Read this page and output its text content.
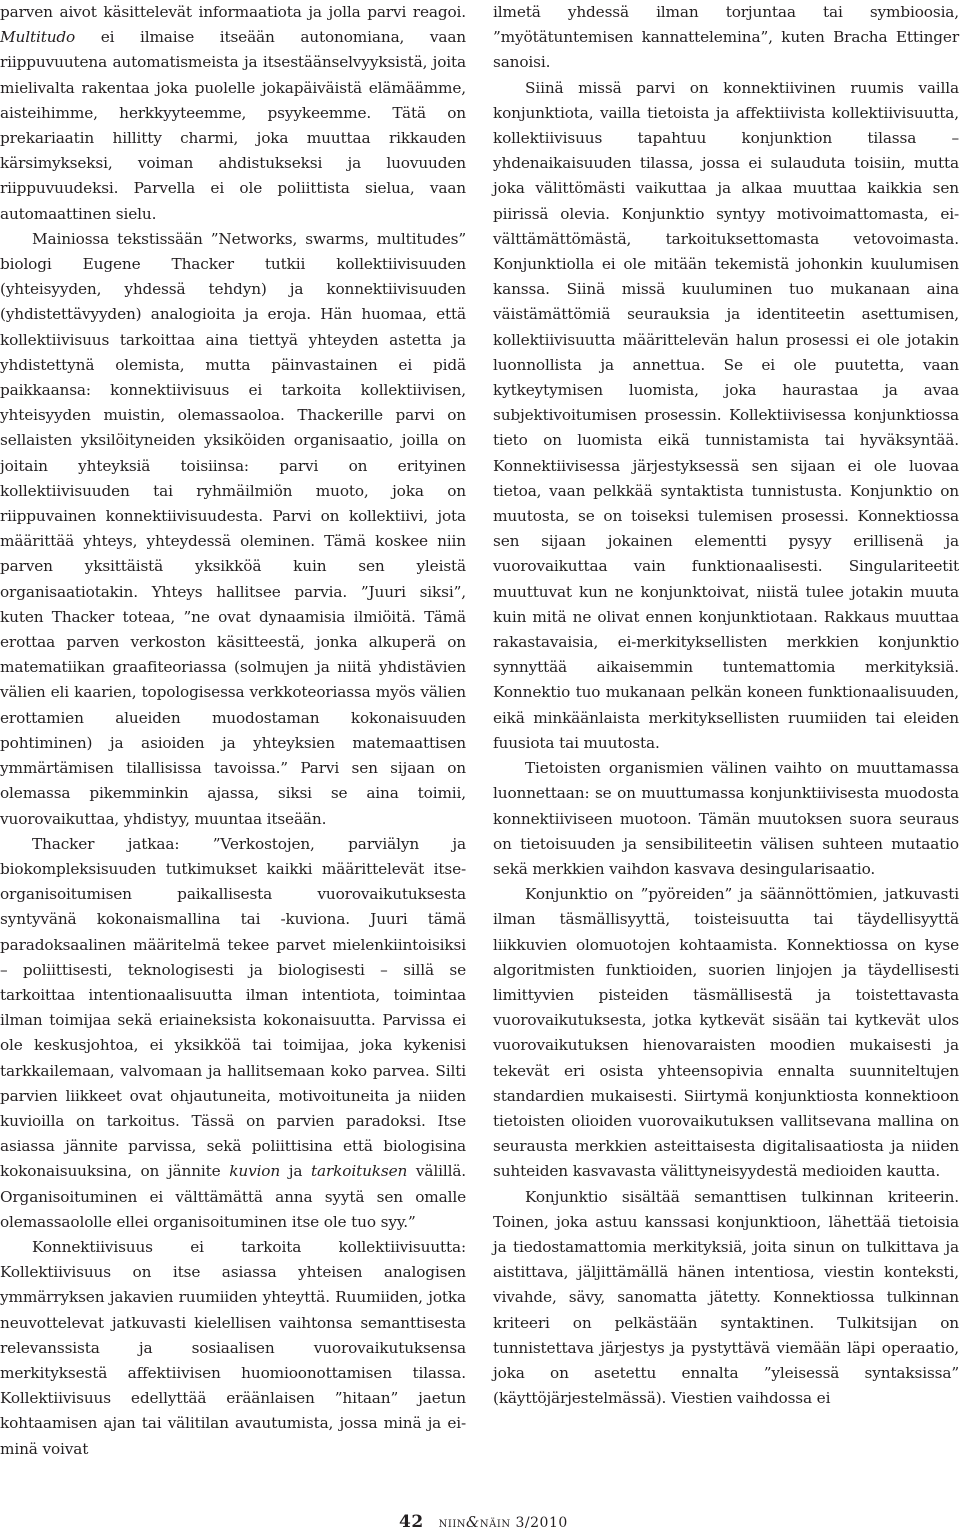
parven aivot käsittelevät informaatiota ja jolla parvi reagoi. Multitudo ei ilmaise itseään autonomiana, vaan riippuvuutena automatismeista ja itsestäänselvyyksistä, joita mielivalta rakentaa joka puolelle jokapäiväistä elämäämme, aisteihimme, herkkyyteemme, psyykeemme. Tätä on prekariaatin hillitty charmi, joka muuttaa rikkauden kärsimykseksi, voiman ahdistukseksi ja luovuuden riippuvuudeksi. Parvella ei ole poliittista sielua, vaan automaattinen sielu.

Mainiossa tekstissään ”Networks, swarms, multitudes” biologi Eugene Thacker tutkii kollektiivisuuden (yhteisyyden, yhdessä tehdyn) ja konnektiivisuuden (yhdistettävyyden) analogioita ja eroja. Hän huomaa, että kollektiivisuus tarkoittaa aina tiettyä yhteyden astetta ja yhdistettynä olemista, mutta päinvastainen ei pidä paikkaansa: konnektiivisuus ei tarkoita kollektiivisen, yhteisyyden muistin, olemassaoloa. Thackerille parvi on sellaisten yksilöityneiden yksiköiden organisaatio, joilla on joitain yhteyksiä toisiinsa: parvi on erityinen kollektiivisuuden tai ryhmäilmiön muoto, joka on riippuvainen konnektiivisuudesta. Parvi on kollektiivi, jota määrittää yhteys, yhteydessä oleminen. Tämä koskee niin parven yksittäistä yksikköä kuin sen yleistä organisaatiotakin. Yhteys hallitsee parvia. ”Juuri siksi”, kuten Thacker toteaa, ”ne ovat dynaamisia ilmiöitä. Tämä erottaa parven verkoston käsitteestä, jonka alkuperä on matematiikan graafiteoriassa (solmujen ja niitä yhdistävien välien eli kaarien, topologisessa verkkoteoriassa myös välien erottamien alueiden muodostaman kokonaisuuden pohtiminen) ja asioiden ja yhteyksien matemaattisen ymmärtämisen tilallisissa tavoissa.” Parvi sen sijaan on olemassa pikemminkin ajassa, siksi se aina toimii, vuorovaikuttaa, yhdistyy, muuntaa itseään.

Thacker jatkaa: ”Verkostojen, parviälyn ja biokompleksisuuden tutkimukset kaikki määrittelevät itse-organisoitumisen paikallisesta vuorovaikutuksesta syntyvänä kokonaismallina tai -kuviona. Juuri tämä paradoksaalinen määritelmä tekee parvet mielenkiintoisiksi – poliittisesti, teknologisesti ja biologisesti – sillä se tarkoittaa intentionaalisuutta ilman intentiota, toimintaa ilman toimijaa sekä eriaineksista kokonaisuutta. Parvissa ei ole keskusjohtoa, ei yksikköä tai toimijaa, joka kykenisi tarkkailemaan, valvomaan ja hallitsemaan koko parvea. Silti parvien liikkeet ovat ohjautuneita, motivoituneita ja niiden kuvioilla on tarkoitus. Tässä on parvien paradoksi. Itse asiassa jännite parvissa, sekä poliittisina että biologisina kokonaisuuksina, on jännite kuvion ja tarkoituksen välillä. Organisoituminen ei välttämättä anna syytä sen omalle olemassaololle ellei organisoituminen itse ole tuo syy.”

Konnektiivisuus ei tarkoita kollektiivisuutta: Kollektiivisuus on itse asiassa yhteisen analogisen ymmärryksen jakavien ruumiiden yhteyttä. Ruumiiden, jotka neuvottelevat jatkuvasti kielellisen vaihtonsa semanttisesta relevanssista ja sosiaalisen vuorovaikutuksensa merkityksestä affektiivisen huomioonottamisen tilassa. Kollektiivisuus edellyttää eräänlaisen ”hitaan” jaetun kohtaamisen ajan tai välitilan avautumista, jossa minä ja ei-minä voivat

ilmetä yhdessä ilman torjuntaa tai symbioosia, ”myötätuntemisen kannattelemina”, kuten Bracha Ettinger sanoisi.

Siinä missä parvi on konnektiivinen ruumis vailla konjunktiota, vailla tietoista ja affektiivista kollektiivisuutta, kollektiivisuus tapahtuu konjunktion tilassa – yhdenaikaisuuden tilassa, jossa ei sulauduta toisiin, mutta joka välittömästi vaikuttaa ja alkaa muuttaa kaikkia sen piirissä olevia. Konjunktio syntyy motivoimattomasta, ei-välttämättömästä, tarkoituksettomasta vetovoimasta. Konjunktiolla ei ole mitään tekemistä johonkin kuulumisen kanssa. Siinä missä kuuluminen tuo mukanaan aina väistämättömiä seurauksia ja identiteetin asettumisen, kollektiivisuutta määrittelevän halun prosessi ei ole jotakin luonnollista ja annettua. Se ei ole puutetta, vaan kytkeytymisen luomista, joka haurastaa ja avaa subjektivoitumisen prosessin. Kollektiivisessa konjunktiossa tieto on luomista eikä tunnistamista tai hyväksyntää. Konnektiivisessa järjestyksessä sen sijaan ei ole luovaa tietoa, vaan pelkkää syntaktista tunnistusta. Konjunktio on muutosta, se on toiseksi tulemisen prosessi. Konnektiossa sen sijaan jokainen elementti pysyy erillisenä ja vuorovaikuttaa vain funktionaalisesti. Singulariteetit muuttuvat kun ne konjunktoivat, niistä tulee jotakin muuta kuin mitä ne olivat ennen konjunktiotaan. Rakkaus muuttaa rakastavaisia, ei-merkityksellisten merkkien konjunktio synnyttää aikaisemmin tuntemattomia merkityksiä. Konnektio tuo mukanaan pelkän koneen funktionaalisuuden, eikä minkäänlaista merkityksellisten ruumiiden tai eleiden fuusiota tai muutosta.

Tietoisten organismien välinen vaihto on muuttamassa luonnettaan: se on muuttumassa konjunktiivisesta muodosta konnektiiviseen muotoon. Tämän muutoksen suora seuraus on tietoisuuden ja sensibiliteetin välisen suhteen mutaatio sekä merkkien vaihdon kasvava desingularisaatio.

Konjunktio on ”pyöreiden” ja säännöttömien, jatkuvasti ilman täsmällisyyttä, toisteisuutta tai täydellisyyttä liikkuvien olomuotojen kohtaamista. Konnektiossa on kyse algoritmisten funktioiden, suorien linjojen ja täydellisesti limittyvien pisteiden täsmällisestä ja toistettavasta vuorovaikutuksesta, jotka kytkevät sisään tai kytkevät ulos vuorovaikutuksen hienovaraisten moodien mukaisesti ja tekevät eri osista yhteensopivia ennalta suunniteltujen standardien mukaisesti. Siirtymä konjunktiosta konnektioon tietoisten olioiden vuorovaikutuksen vallitsevana mallina on seurausta merkkien asteittaisesta digitalisaatiosta ja niiden suhteiden kasvavasta välittyneisyydestä medioiden kautta.

Konjunktio sisältää semanttisen tulkinnan kriteerin. Toinen, joka astuu kanssasi konjunktioon, lähettää tietoisia ja tiedostamattomia merkityksiä, joita sinun on tulkittava ja aistittava, jäljittämällä hänen intentiosa, viestin konteksti, vivahde, sävy, sanomatta jätetty. Konnektiossa tulkinnan kriteeri on pelkästään syntaktinen. Tulkitsijan on tunnistettava järjestys ja pystyttävä viemään läpi operaatio, joka on asetettu ennalta ”yleisessä syntaksissa” (käyttöjärjestelmässä). Viestien vaihdossa ei

42 niin&näin 3/2010
